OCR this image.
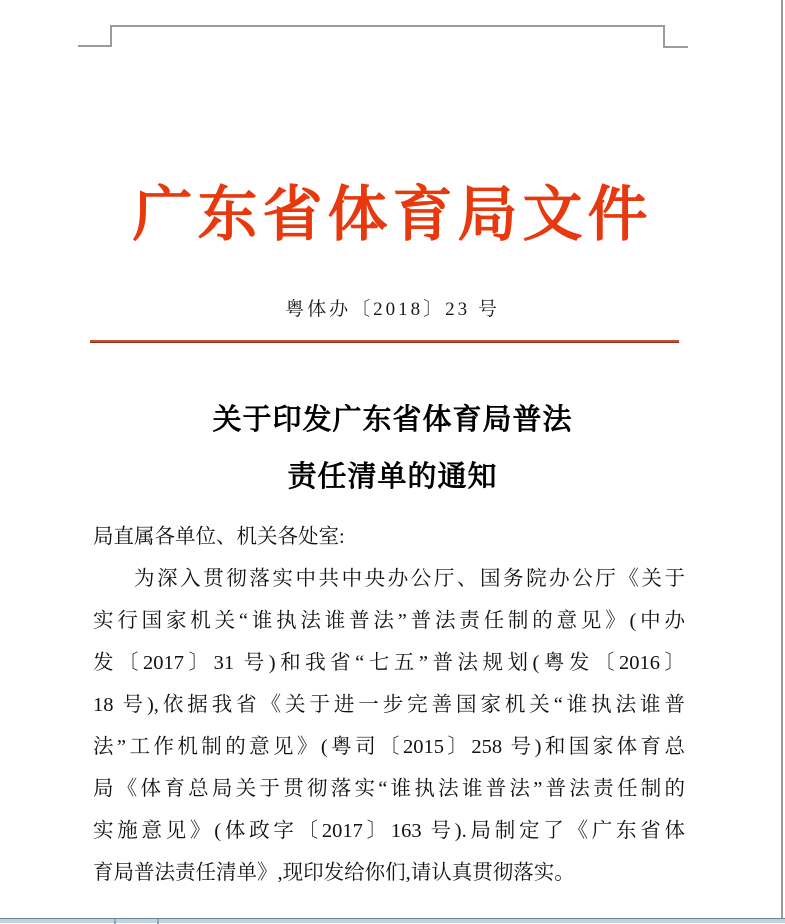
广东省体育局文件
粤体办〔2018〕23 号
关于印发广东省体育局普法
责任清单的通知
局直属各单位、机关各处室:
为深入贯彻落实中共中央办公厅、国务院办公厅《关于
实行国家机关“谁执法谁普法”普法责任制的意见》(中办
发〔2017〕31 号)和我省“七五”普法规划(粤发〔2016〕
18 号),依据我省《关于进一步完善国家机关“谁执法谁普
法”工作机制的意见》(粤司〔2015〕258 号)和国家体育总
局《体育总局关于贯彻落实“谁执法谁普法”普法责任制的
实施意见》(体政字〔2017〕163 号).局制定了《广东省体
育局普法责任清单》,现印发给你们,请认真贯彻落实。
